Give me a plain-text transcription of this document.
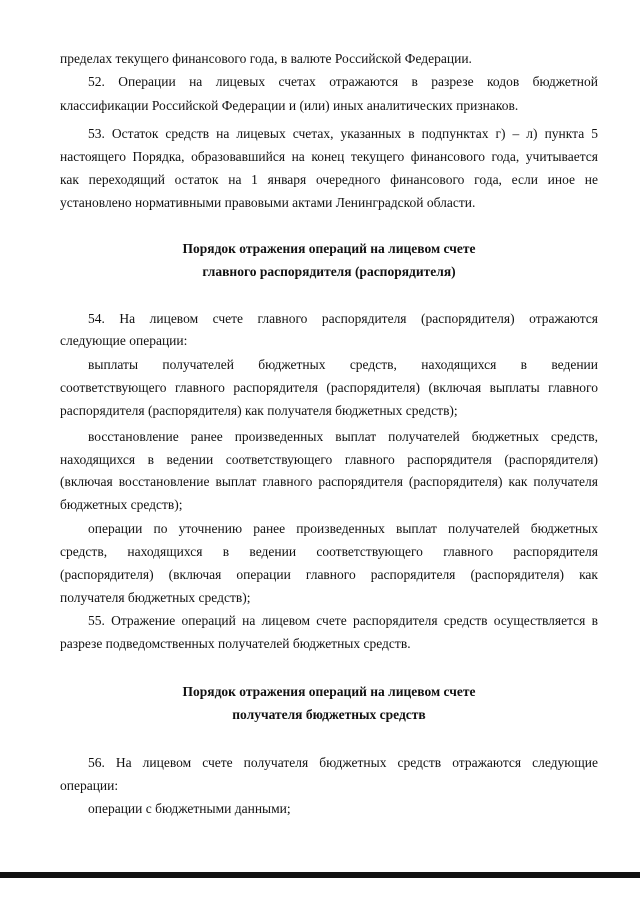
пределах текущего финансового года, в валюте Российской Федерации.
52. Операции на лицевых счетах отражаются в разрезе кодов бюджетной
классификации Российской Федерации и (или) иных аналитических признаков.
53. Остаток средств на лицевых счетах, указанных в подпунктах г) – л) пункта 5
настоящего Порядка, образовавшийся на конец текущего финансового года, учитывается
как переходящий остаток на 1 января очередного финансового года, если иное не
установлено нормативными правовыми актами Ленинградской области.
Порядок отражения операций на лицевом счете
главного распорядителя (распорядителя)
54. На лицевом счете главного распорядителя (распорядителя) отражаются
следующие операции:
выплаты получателей бюджетных средств, находящихся в ведении
соответствующего главного распорядителя (распорядителя) (включая выплаты главного
распорядителя (распорядителя) как получателя бюджетных средств);
восстановление ранее произведенных выплат получателей бюджетных средств,
находящихся в ведении соответствующего главного распорядителя (распорядителя)
(включая восстановление выплат главного распорядителя (распорядителя) как получателя
бюджетных средств);
операции по уточнению ранее произведенных выплат получателей бюджетных
средств, находящихся в ведении соответствующего главного распорядителя
(распорядителя) (включая операции главного распорядителя (распорядителя) как
получателя бюджетных средств);
55. Отражение операций на лицевом счете распорядителя средств осуществляется в
разрезе подведомственных получателей бюджетных средств.
Порядок отражения операций на лицевом счете
получателя бюджетных средств
56. На лицевом счете получателя бюджетных средств отражаются следующие
операции:
операции с бюджетными данными;
